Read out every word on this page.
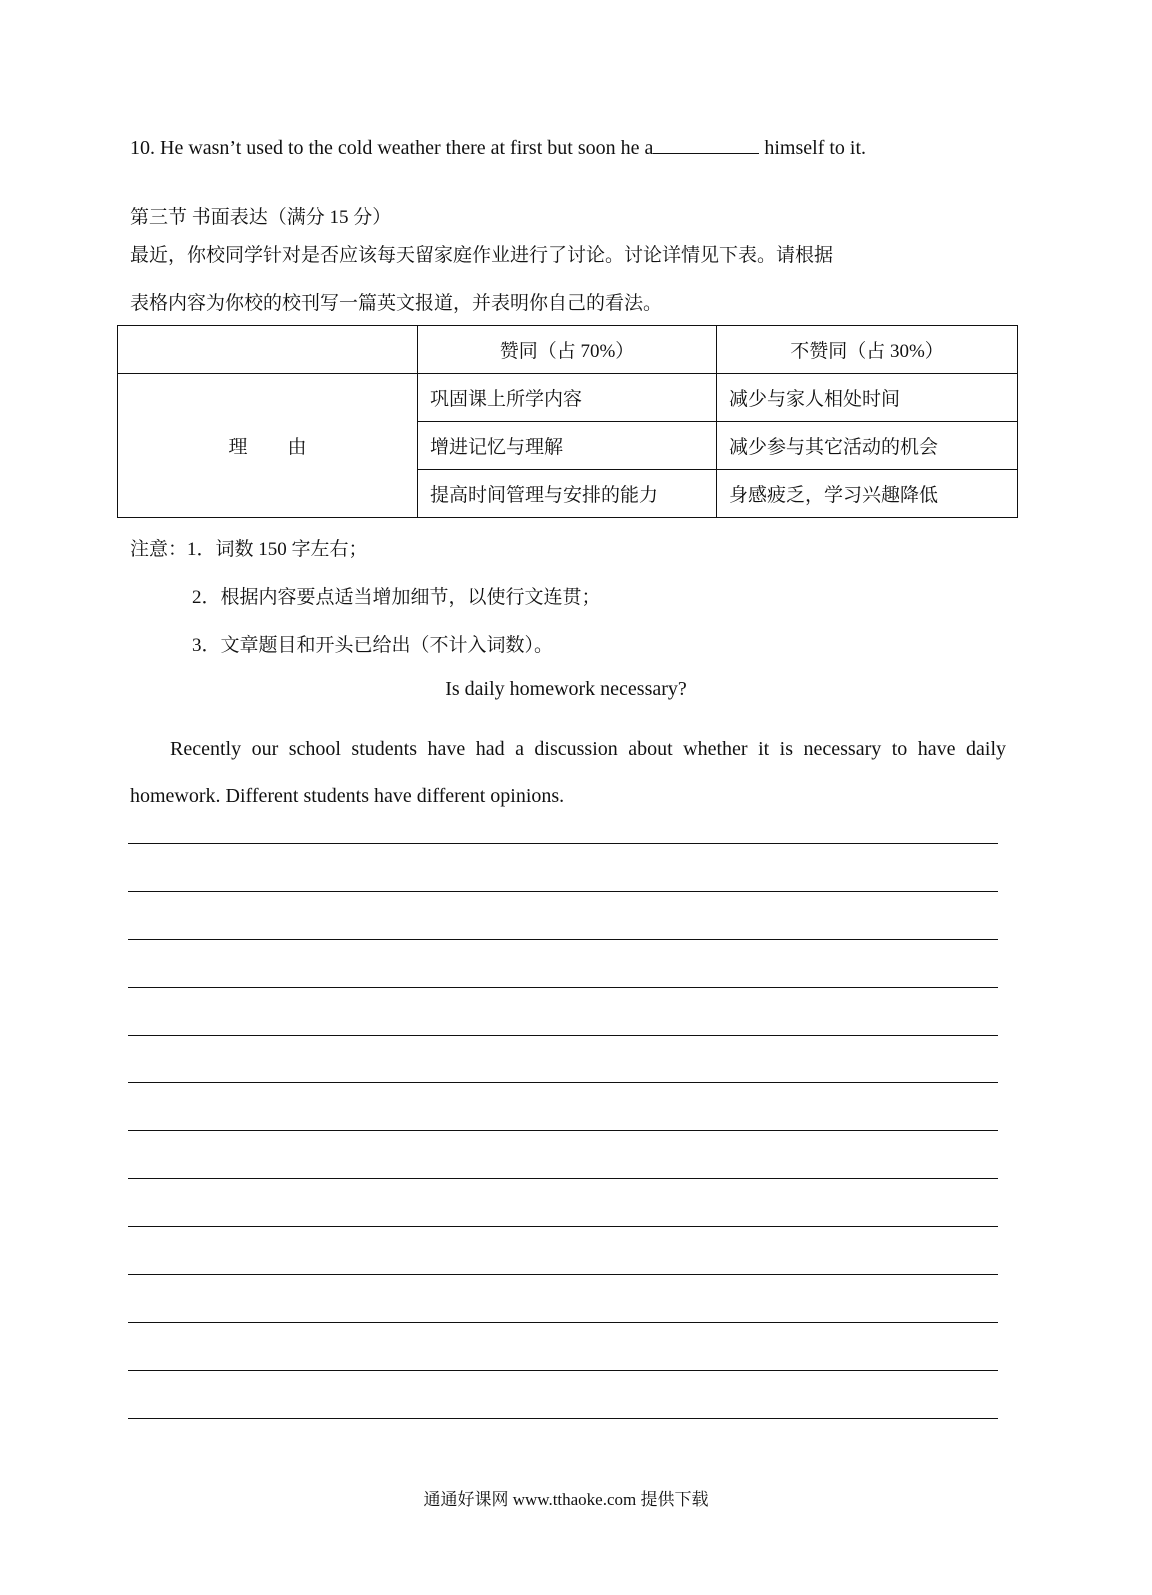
10. He wasn’t used to the cold weather there at first but soon he a	himself to it.
第三节 书面表达（满分 15 分）
最近，你校同学针对是否应该每天留家庭作业进行了讨论。讨论详情见下表。请根据
表格内容为你校的校刊写一篇英文报道，并表明你自己的看法。
	赞同（占 70%）	不赞同（占 30%）
理 由	巩固课上所学内容	减少与家人相处时间
	增进记忆与理解	减少参与其它活动的机会
	提高时间管理与安排的能力	身感疲乏，学习兴趣降低
注意：1．词数 150 字左右；
2．根据内容要点适当增加细节，以使行文连贯；
3．文章题目和开头已给出（不计入词数）。
Is daily homework necessary?
Recently our school students have had a discussion about whether it is necessary to have daily homework. Different students have different opinions.
通通好课网 www.tthaoke.com 提供下载
